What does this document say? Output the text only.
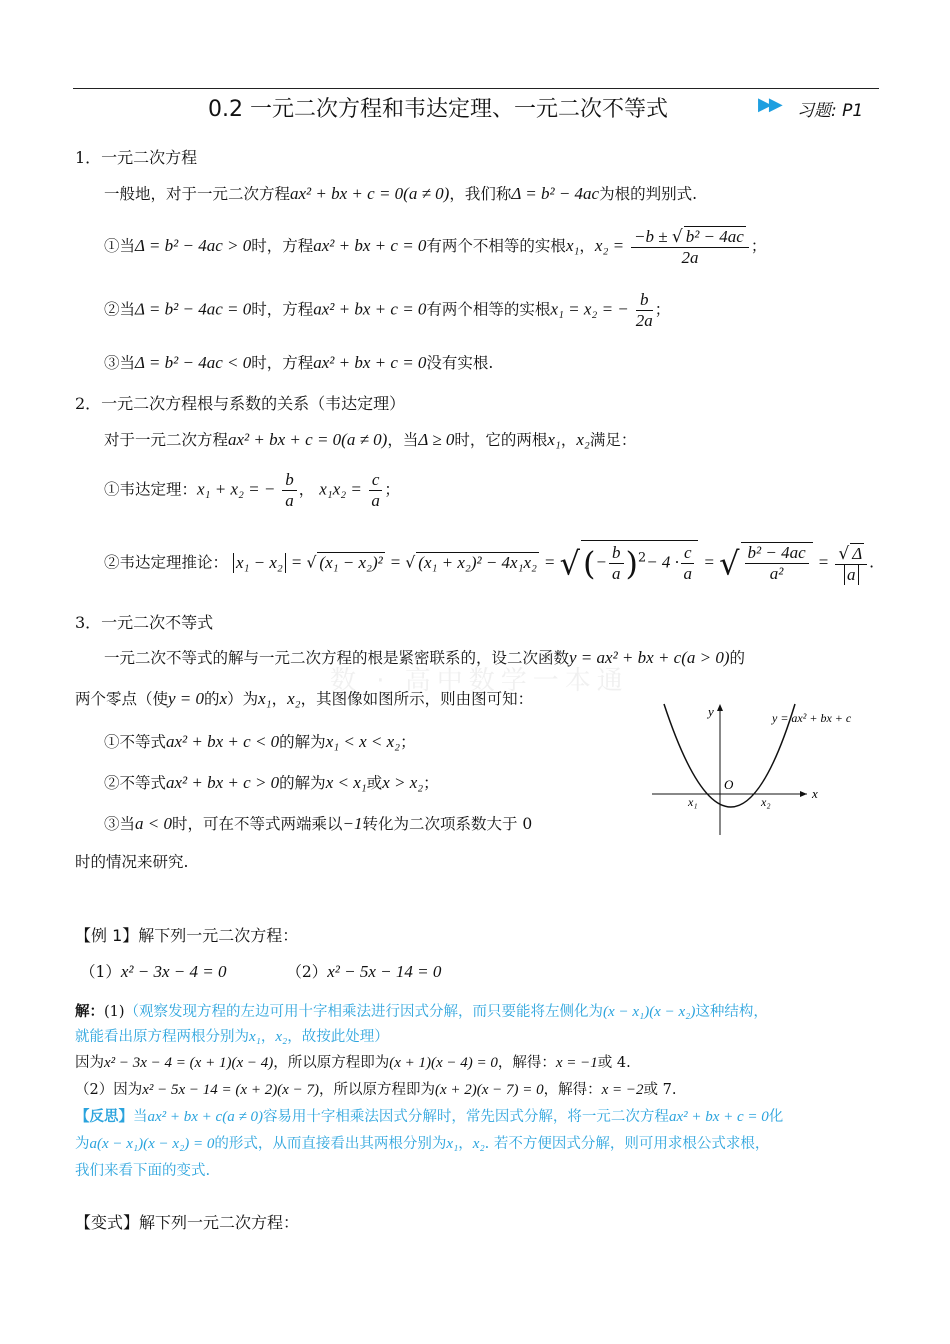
0.2 一元二次方程和韦达定理、一元二次不等式	▶▶ 习题: P1
数 · 高中数学一本通
1．一元二次方程
一般地，对于一元二次方程ax² + bx + c = 0(a ≠ 0)，我们称Δ = b² − 4ac为根的判别式.
①当Δ = b² − 4ac > 0时，方程ax² + bx + c = 0有两个不相等的实根x₁，$x_2 = \frac{\text{−b ± √ b² − 4ac}}{2a}$ ；
②当Δ = b² − 4ac = 0时，方程ax² + bx + c = 0有两个相等的实根x₁ = x₂ = − $\frac{b}{2a}$ ；
③当Δ = b² − 4ac < 0时，方程ax² + bx + c = 0没有实根.
2．一元二次方程根与系数的关系（韦达定理）
对于一元二次方程ax² + bx + c = 0(a ≠ 0)，当Δ ≥ 0时，它的两根x₁，x₂满足：
①韦达定理：x₁ + x₂ = − $\frac{b}{a}$ ， $x_1x_2 = \frac{c}{a}$ ；
②韦达定理推论： x₁ − x₂ = √ (x₁ − x₂)² = √ (x₁ + x₂)² − 4x₁x₂ = √(− $\frac{b}{a} )^2- 4 \cdot \frac{c}{a}$ = √ $\frac{\text{b² − 4ac}}{\text{a²}} = \frac{√ \Delta}{a}$ .
3．一元二次不等式
一元二次不等式的解与一元二次方程的根是紧密联系的，设二次函数y = ax² + bx + c(a > 0)的
两个零点（使y = 0的x）为x₁，x₂，其图像如图所示，则由图可知：
①不等式ax² + bx + c < 0的解为x₁ < x < x₂；
②不等式ax² + bx + c > 0的解为x < x₁或x > x₂；
③当a < 0时，可在不等式两端乘以−1转化为二次项系数大于 0
时的情况来研究.
y
x
O
x₁	x₂
y = ax² + bx + c
【例 1】解下列一元二次方程：
（1）x² − 3x − 4 = 0	（2）x² − 5x − 14 = 0
解：(1)（观察发现方程的左边可用十字相乘法进行因式分解，而只要能将左侧化为(x − x₁)(x − x₂)这种结构，
就能看出原方程两根分别为x₁，x₂，故按此处理）
因为x² − 3x − 4 = (x + 1)(x − 4)，所以原方程即为(x + 1)(x − 4) = 0，解得：x = −1或 4.
（2）因为x² − 5x − 14 = (x + 2)(x − 7)，所以原方程即为(x + 2)(x − 7) = 0，解得：x = −2或 7.
【反思】当ax² + bx + c(a ≠ 0)容易用十字相乘法因式分解时，常先因式分解，将一元二次方程ax² + bx + c = 0化
为a(x − x₁)(x − x₂) = 0的形式，从而直接看出其两根分别为x₁，x₂. 若不方便因式分解，则可用求根公式求根，
我们来看下面的变式.
【变式】解下列一元二次方程：
